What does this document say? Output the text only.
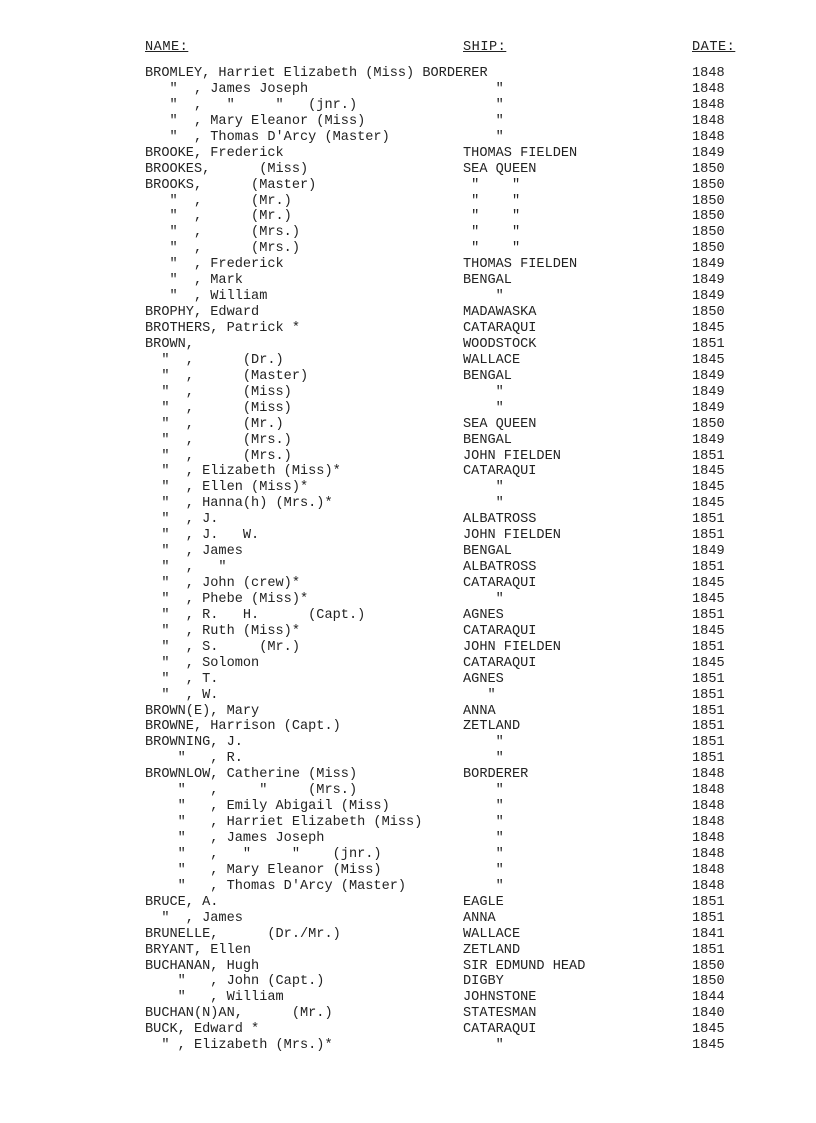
NAME:	SHIP:	DATE:
BROMLEY, Harriet Elizabeth (Miss) BORDERER	1848
"  , James Joseph	"	1848
"  ,   "     "   (jnr.)	"	1848
"  , Mary Eleanor (Miss)	"	1848
"  , Thomas D'Arcy (Master)	"	1848
BROOKE, Frederick	THOMAS FIELDEN	1849
BROOKES,      (Miss)	SEA QUEEN	1850
BROOKS,      (Master)	"    "	1850
"  ,      (Mr.)	"    "	1850
"  ,      (Mr.)	"    "	1850
"  ,      (Mrs.)	"    "	1850
"  ,      (Mrs.)	"    "	1850
"  , Frederick	THOMAS FIELDEN	1849
"  , Mark	BENGAL	1849
"  , William	"	1849
BROPHY, Edward	MADAWASKA	1850
BROTHERS, Patrick *	CATARAQUI	1845
BROWN,	WOODSTOCK	1851
"  ,      (Dr.)	WALLACE	1845
"  ,      (Master)	BENGAL	1849
"  ,      (Miss)	"	1849
"  ,      (Miss)	"	1849
"  ,      (Mr.)	SEA QUEEN	1850
"  ,      (Mrs.)	BENGAL	1849
"  ,      (Mrs.)	JOHN FIELDEN	1851
"  , Elizabeth (Miss)*	CATARAQUI	1845
"  , Ellen (Miss)*	"	1845
"  , Hanna(h) (Mrs.)*	"	1845
"  , J.	ALBATROSS	1851
"  , J.   W.	JOHN FIELDEN	1851
"  , James	BENGAL	1849
"  ,   "	ALBATROSS	1851
"  , John (crew)*	CATARAQUI	1845
"  , Phebe (Miss)*	"	1845
"  , R.   H.      (Capt.)	AGNES	1851
"  , Ruth (Miss)*	CATARAQUI	1845
"  , S.     (Mr.)	JOHN FIELDEN	1851
"  , Solomon	CATARAQUI	1845
"  , T.	AGNES	1851
"  , W.	"	1851
BROWN(E), Mary	ANNA	1851
BROWNE, Harrison (Capt.)	ZETLAND	1851
BROWNING, J.	"	1851
"   , R.	"	1851
BROWNLOW, Catherine (Miss)	BORDERER	1848
"   ,     "     (Mrs.)	"	1848
"   , Emily Abigail (Miss)	"	1848
"   , Harriet Elizabeth (Miss)	"	1848
"   , James Joseph	"	1848
"   ,   "     "    (jnr.)	"	1848
"   , Mary Eleanor (Miss)	"	1848
"   , Thomas D'Arcy (Master)	"	1848
BRUCE, A.	EAGLE	1851
"  , James	ANNA	1851
BRUNELLE,      (Dr./Mr.)	WALLACE	1841
BRYANT, Ellen	ZETLAND	1851
BUCHANAN, Hugh	SIR EDMUND HEAD	1850
"   , John (Capt.)	DIGBY	1850
"   , William	JOHNSTONE	1844
BUCHAN(N)AN,      (Mr.)	STATESMAN	1840
BUCK, Edward *	CATARAQUI	1845
" , Elizabeth (Mrs.)*	"	1845
